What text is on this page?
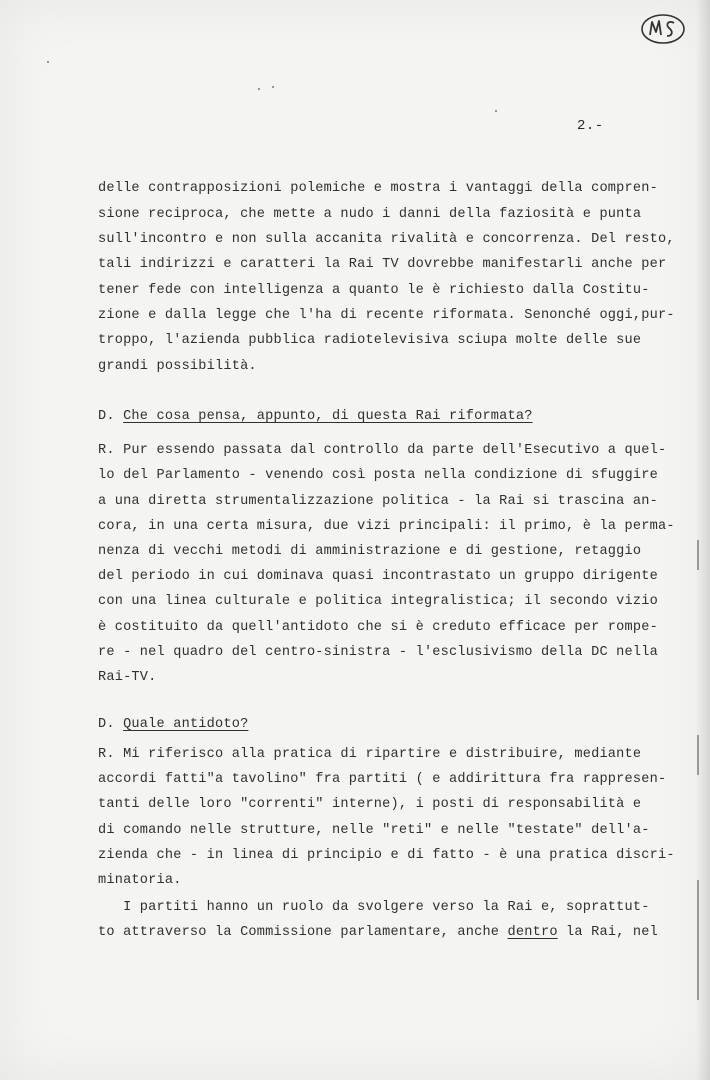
2.-
delle contrapposizioni polemiche e mostra i vantaggi della compren-
sione reciproca, che mette a nudo i danni della faziosità e punta
sull'incontro e non sulla accanita rivalità e concorrenza. Del resto,
tali indirizzi e caratteri la Rai TV dovrebbe manifestarli anche per
tener fede con intelligenza a quanto le è richiesto dalla Costitu-
zione e dalla legge che l'ha di recente riformata. Senonché oggi,pur-
troppo, l'azienda pubblica radiotelevisiva sciupa molte delle sue
grandi possibilità.
D. Che cosa pensa, appunto, di questa Rai riformata?
R. Pur essendo passata dal controllo da parte dell'Esecutivo a quel-
lo del Parlamento - venendo così posta nella condizione di sfuggire
a una diretta strumentalizzazione politica - la Rai si trascina an-
cora, in una certa misura, due vizi principali: il primo, è la perma-
nenza di vecchi metodi di amministrazione e di gestione, retaggio
del periodo in cui dominava quasi incontrastato un gruppo dirigente
con una linea culturale e politica integralistica; il secondo vizio
è costituito da quell'antidoto che si è creduto efficace per rompe-
re - nel quadro del centro-sinistra - l'esclusivismo della DC nella
Rai-TV.
D. Quale antidoto?
R. Mi riferisco alla pratica di ripartire e distribuire, mediante
accordi fatti"a tavolino" fra partiti ( e addirittura fra rappresen-
tanti delle loro "correnti" interne), i posti di responsabilità e
di comando nelle strutture, nelle "reti" e nelle "testate" dell'a-
zienda che - in linea di principio e di fatto - è una pratica discri-
minatoria.
I partiti hanno un ruolo da svolgere verso la Rai e, soprattut-
to attraverso la Commissione parlamentare, anche dentro la Rai, nel
